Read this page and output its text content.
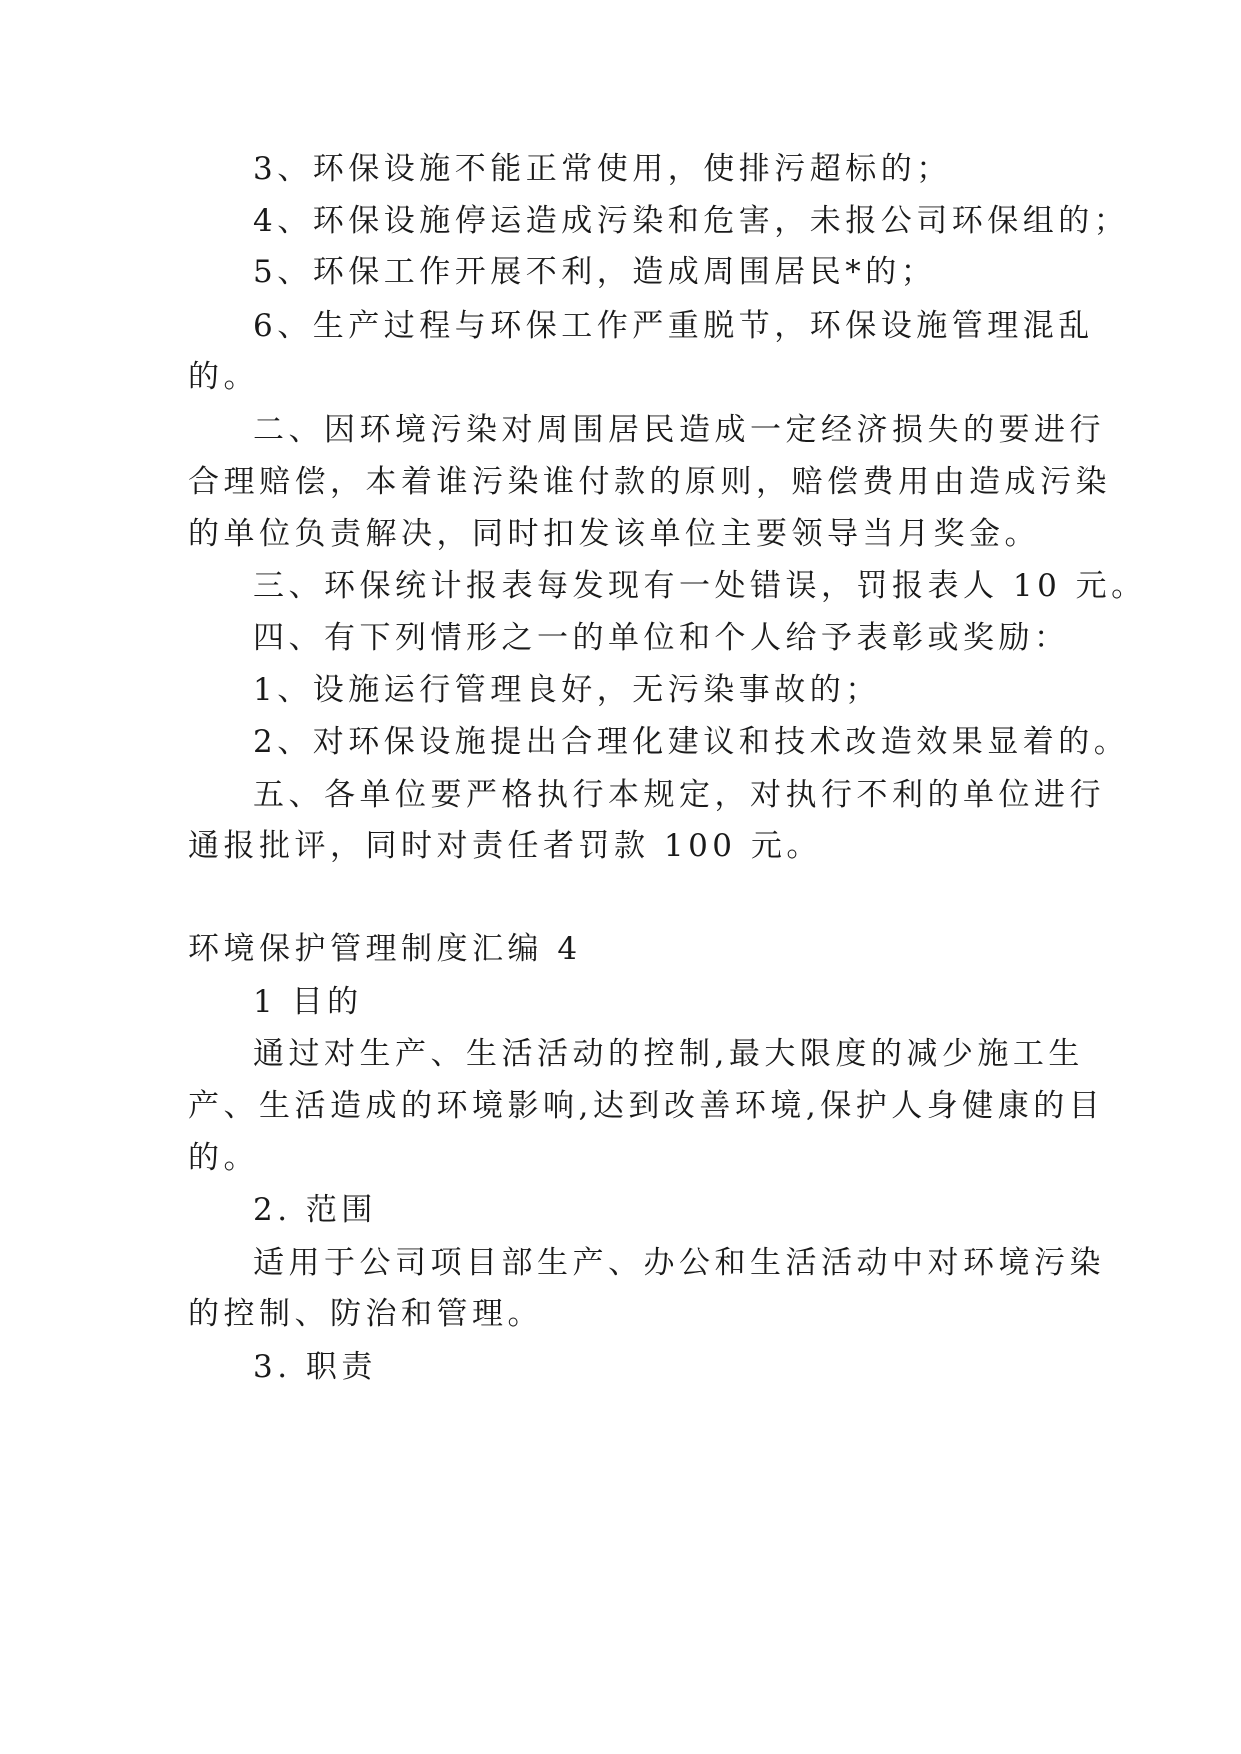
3、环保设施不能正常使用，使排污超标的；

4、环保设施停运造成污染和危害，未报公司环保组的；

5、环保工作开展不利，造成周围居民*的；

6、生产过程与环保工作严重脱节，环保设施管理混乱

的。

二、因环境污染对周围居民造成一定经济损失的要进行

合理赔偿，本着谁污染谁付款的原则，赔偿费用由造成污染

的单位负责解决，同时扣发该单位主要领导当月奖金。

三、环保统计报表每发现有一处错误，罚报表人 10 元。

四、有下列情形之一的单位和个人给予表彰或奖励：

1、设施运行管理良好，无污染事故的；

2、对环保设施提出合理化建议和技术改造效果显着的。

五、各单位要严格执行本规定，对执行不利的单位进行

通报批评，同时对责任者罚款 100 元。

环境保护管理制度汇编 4

1 目的

通过对生产、生活活动的控制,最大限度的减少施工生

产、生活造成的环境影响,达到改善环境,保护人身健康的目

的。

2. 范围

适用于公司项目部生产、办公和生活活动中对环境污染

的控制、防治和管理。

3. 职责
